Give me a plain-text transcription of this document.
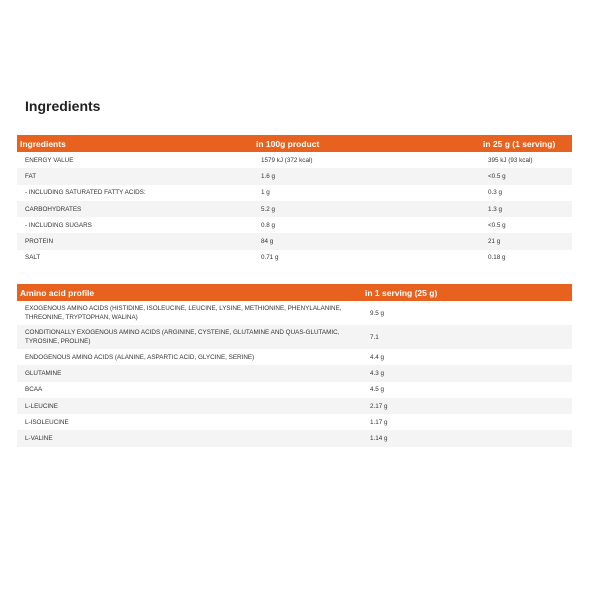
Ingredients
Ingredients	in 100g product	in 25 g (1 serving)
ENERGY VALUE	1579 kJ (372 kcal)	395 kJ (93 kcal)
FAT	1.6 g	<0.5 g
- INCLUDING SATURATED FATTY ACIDS:	1 g	0.3 g
CARBOHYDRATES	5.2 g	1.3 g
- INCLUDING SUGARS	0.8 g	<0.5 g
PROTEIN	84 g	21 g
SALT	0.71 g	0.18 g
Amino acid profile	in 1 serving (25 g)
EXOGENOUS AMINO ACIDS (HISTIDINE, ISOLEUCINE, LEUCINE, LYSINE, METHIONINE, PHENYLALANINE, THREONINE, TRYPTOPHAN, WALINA)	9.5 g
CONDITIONALLY EXOGENOUS AMINO ACIDS (ARGININE, CYSTEINE, GLUTAMINE AND QUAS-GLUTAMIC, TYROSINE, PROLINE)	7.1
ENDOGENOUS AMINO ACIDS (ALANINE, ASPARTIC ACID, GLYCINE, SERINE)	4.4 g
GLUTAMINE	4.3 g
BCAA	4.5 g
L-LEUCINE	2.17 g
L-ISOLEUCINE	1.17 g
L-VALINE	1.14 g
